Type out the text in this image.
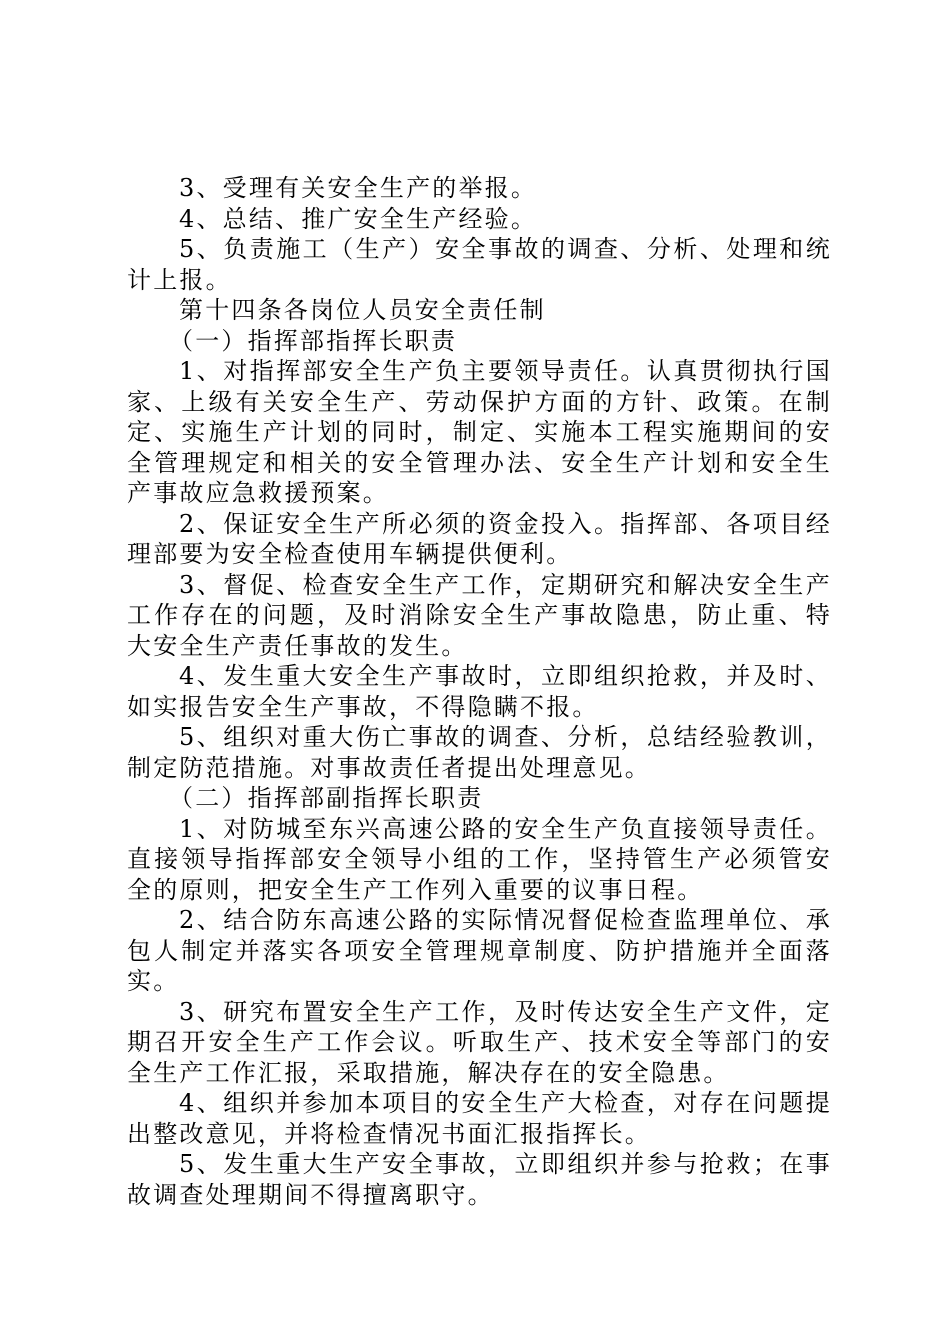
3、受理有关安全生产的举报。

4、总结、推广安全生产经验。

5、负责施工（生产）安全事故的调查、分析、处理和统计上报。

第十四条各岗位人员安全责任制

（一）指挥部指挥长职责

1、对指挥部安全生产负主要领导责任。认真贯彻执行国家、上级有关安全生产、劳动保护方面的方针、政策。在制定、实施生产计划的同时，制定、实施本工程实施期间的安全管理规定和相关的安全管理办法、安全生产计划和安全生产事故应急救援预案。

2、保证安全生产所必须的资金投入。指挥部、各项目经理部要为安全检查使用车辆提供便利。

3、督促、检查安全生产工作，定期研究和解决安全生产工作存在的问题，及时消除安全生产事故隐患，防止重、特大安全生产责任事故的发生。

4、发生重大安全生产事故时，立即组织抢救，并及时、如实报告安全生产事故，不得隐瞒不报。

5、组织对重大伤亡事故的调查、分析，总结经验教训，制定防范措施。对事故责任者提出处理意见。

（二）指挥部副指挥长职责

1、对防城至东兴高速公路的安全生产负直接领导责任。直接领导指挥部安全领导小组的工作，坚持管生产必须管安全的原则，把安全生产工作列入重要的议事日程。

2、结合防东高速公路的实际情况督促检查监理单位、承包人制定并落实各项安全管理规章制度、防护措施并全面落实。

3、研究布置安全生产工作，及时传达安全生产文件，定期召开安全生产工作会议。听取生产、技术安全等部门的安全生产工作汇报，采取措施，解决存在的安全隐患。

4、组织并参加本项目的安全生产大检查，对存在问题提出整改意见，并将检查情况书面汇报指挥长。

5、发生重大生产安全事故，立即组织并参与抢救；在事故调查处理期间不得擅离职守。
